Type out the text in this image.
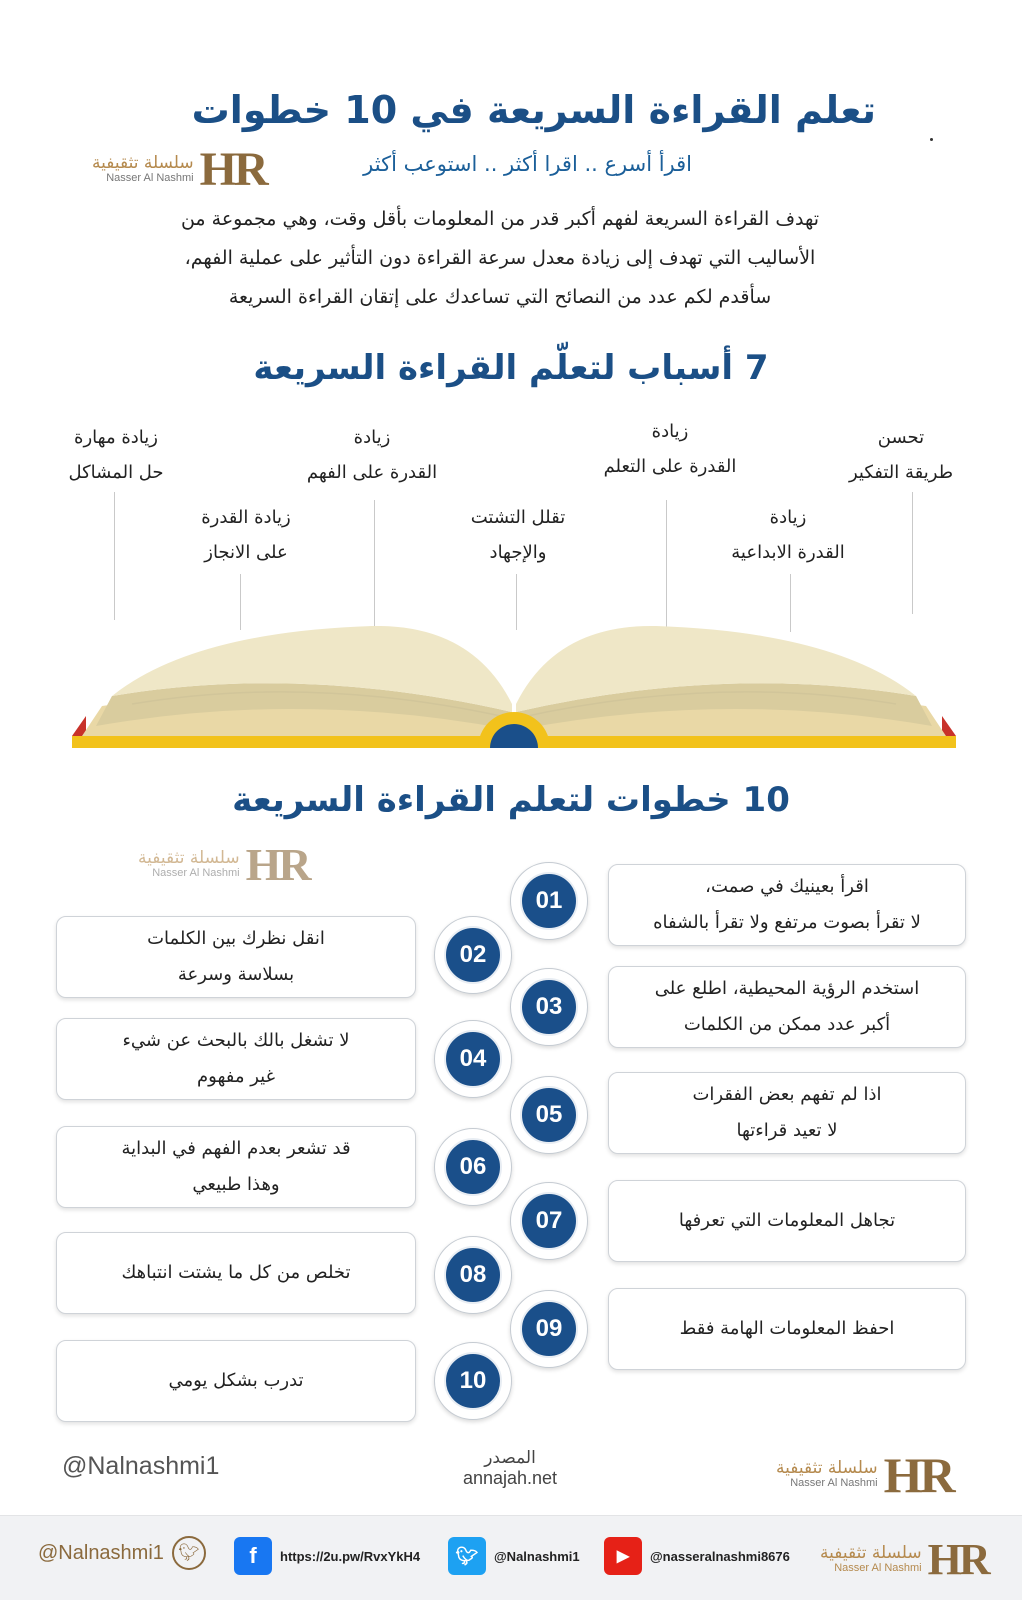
تعلم القراءة السريعة في 10 خطوات
اقرأ أسرع .. اقرا أكثر .. استوعب أكثر
سلسلة تثقيفية
Nasser Al Nashmi HR
تهدف القراءة السريعة لفهم أكبر قدر من المعلومات بأقل وقت، وهي مجموعة من
الأساليب التي تهدف إلى زيادة معدل سرعة القراءة دون التأثير على عملية الفهم،
سأقدم لكم عدد من النصائح التي تساعدك على إتقان القراءة السريعة
7 أسباب لتعلّم القراءة السريعة
تحسن
طريقة التفكير
زيادة
القدرة الابداعية
زيادة
القدرة على التعلم
تقلل التشتت
والإجهاد
زيادة
القدرة على الفهم
زيادة القدرة
على الانجاز
زيادة مهارة
حل المشاكل
10 خطوات لتعلم القراءة السريعة
سلسلة تثقيفية
Nasser Al Nashmi HR	اقرأ بعينيك في صمت،
لا تقرأ بصوت مرتفع ولا تقرأ بالشفاه
01
انقل نظرك بين الكلمات
بسلاسة وسرعة
02
استخدم الرؤية المحيطية، اطلع على
أكبر عدد ممكن من الكلمات
03
لا تشغل بالك بالبحث عن شيء
غير مفهوم
04
اذا لم تفهم بعض الفقرات
لا تعيد قراءتها
05
قد تشعر بعدم الفهم في البداية
وهذا طبيعي
06
تجاهل المعلومات التي تعرفها
07
تخلص من كل ما يشتت انتباهك	08
احفظ المعلومات الهامة فقط
09
تدرب بشكل يومي	10
@Nalnashmi1	المصدر
annajah.net	سلسلة تثقيفية
Nasser Al Nashmi HR
@Nalnashmi1 🐦︎	f	https://2u.pw/RvxYkH4	🐦︎	@Nalnashmi1	▶	@nasseralnashmi8676 سلسلة تثقيفية
Nasser Al Nashmi HR
